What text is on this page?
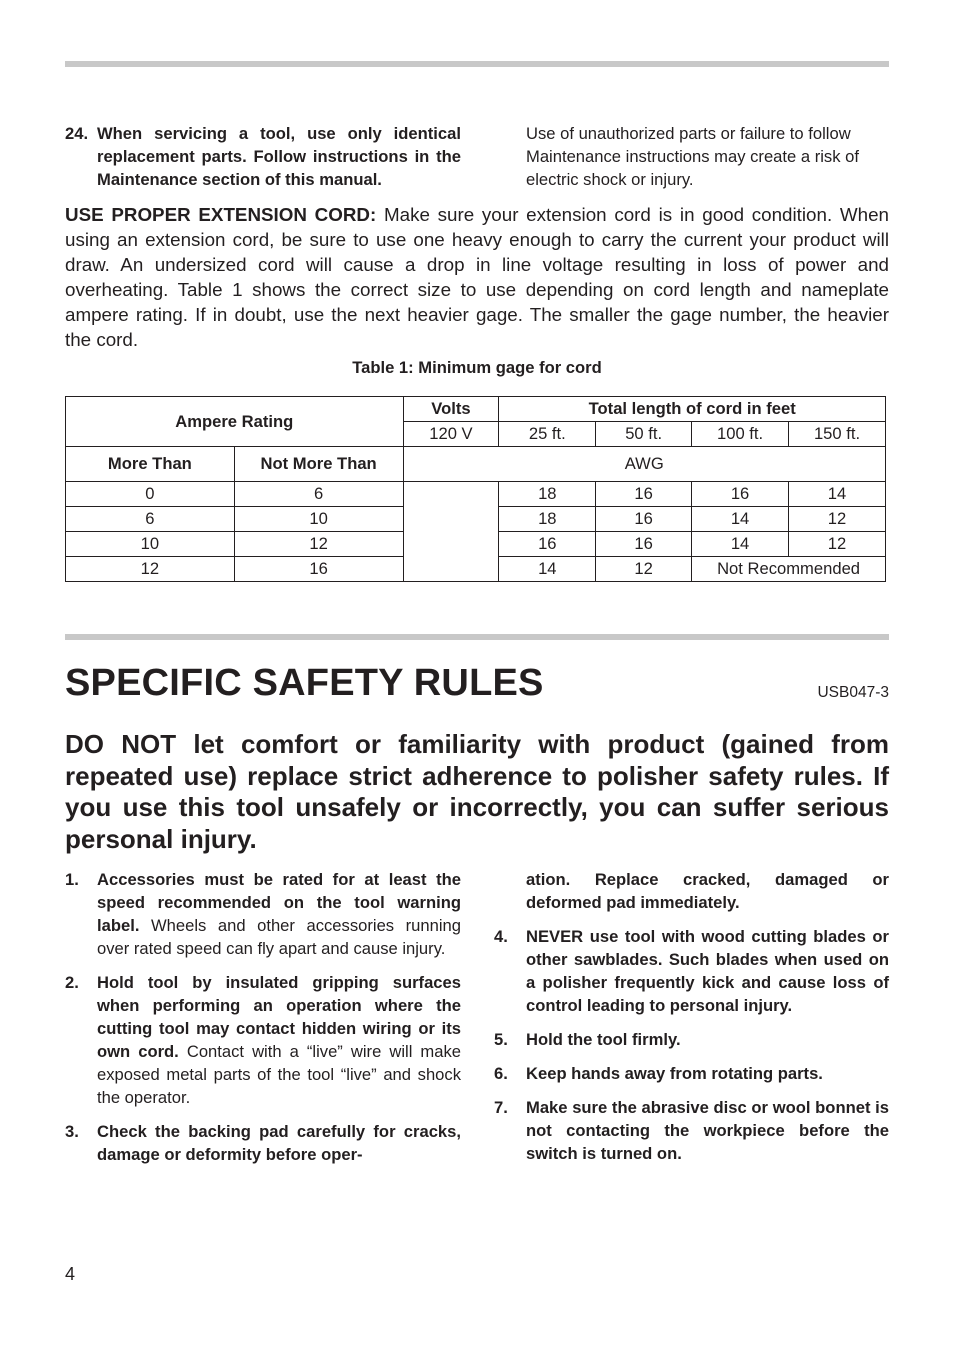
24. When servicing a tool, use only identical replacement parts. Follow instructions in the Maintenance section of this manual.
Use of unauthorized parts or failure to follow Maintenance instructions may create a risk of electric shock or injury.
USE PROPER EXTENSION CORD: Make sure your extension cord is in good condition. When using an extension cord, be sure to use one heavy enough to carry the current your product will draw. An undersized cord will cause a drop in line voltage resulting in loss of power and overheating. Table 1 shows the correct size to use depending on cord length and nameplate ampere rating. If in doubt, use the next heavier gage. The smaller the gage number, the heavier the cord.
Table 1: Minimum gage for cord
Ampere Rating		Volts	Total length of cord in feet			
		120 V	25 ft.	50 ft.	100 ft.	150 ft.
More Than	Not More Than	AWG				
0	6		18	16	16	14
6	10		18	16	14	12
10	12		16	16	14	12
12	16		14	12	Not Recommended	
SPECIFIC SAFETY RULES	USB047-3
DO NOT let comfort or familiarity with product (gained from repeated use) replace strict adherence to polisher safety rules. If you use this tool unsafely or incorrectly, you can suffer serious personal injury.
1. Accessories must be rated for at least the speed recommended on the tool warning label. Wheels and other accessories running over rated speed can fly apart and cause injury.
2. Hold tool by insulated gripping surfaces when performing an operation where the cutting tool may contact hidden wiring or its own cord. Contact with a “live” wire will make exposed metal parts of the tool “live” and shock the operator.
3. Check the backing pad carefully for cracks, damage or deformity before oper-
ation. Replace cracked, damaged or deformed pad immediately.
4. NEVER use tool with wood cutting blades or other sawblades. Such blades when used on a polisher frequently kick and cause loss of control leading to personal injury.
5. Hold the tool firmly.
6. Keep hands away from rotating parts.
7. Make sure the abrasive disc or wool bonnet is not contacting the workpiece before the switch is turned on.
4
